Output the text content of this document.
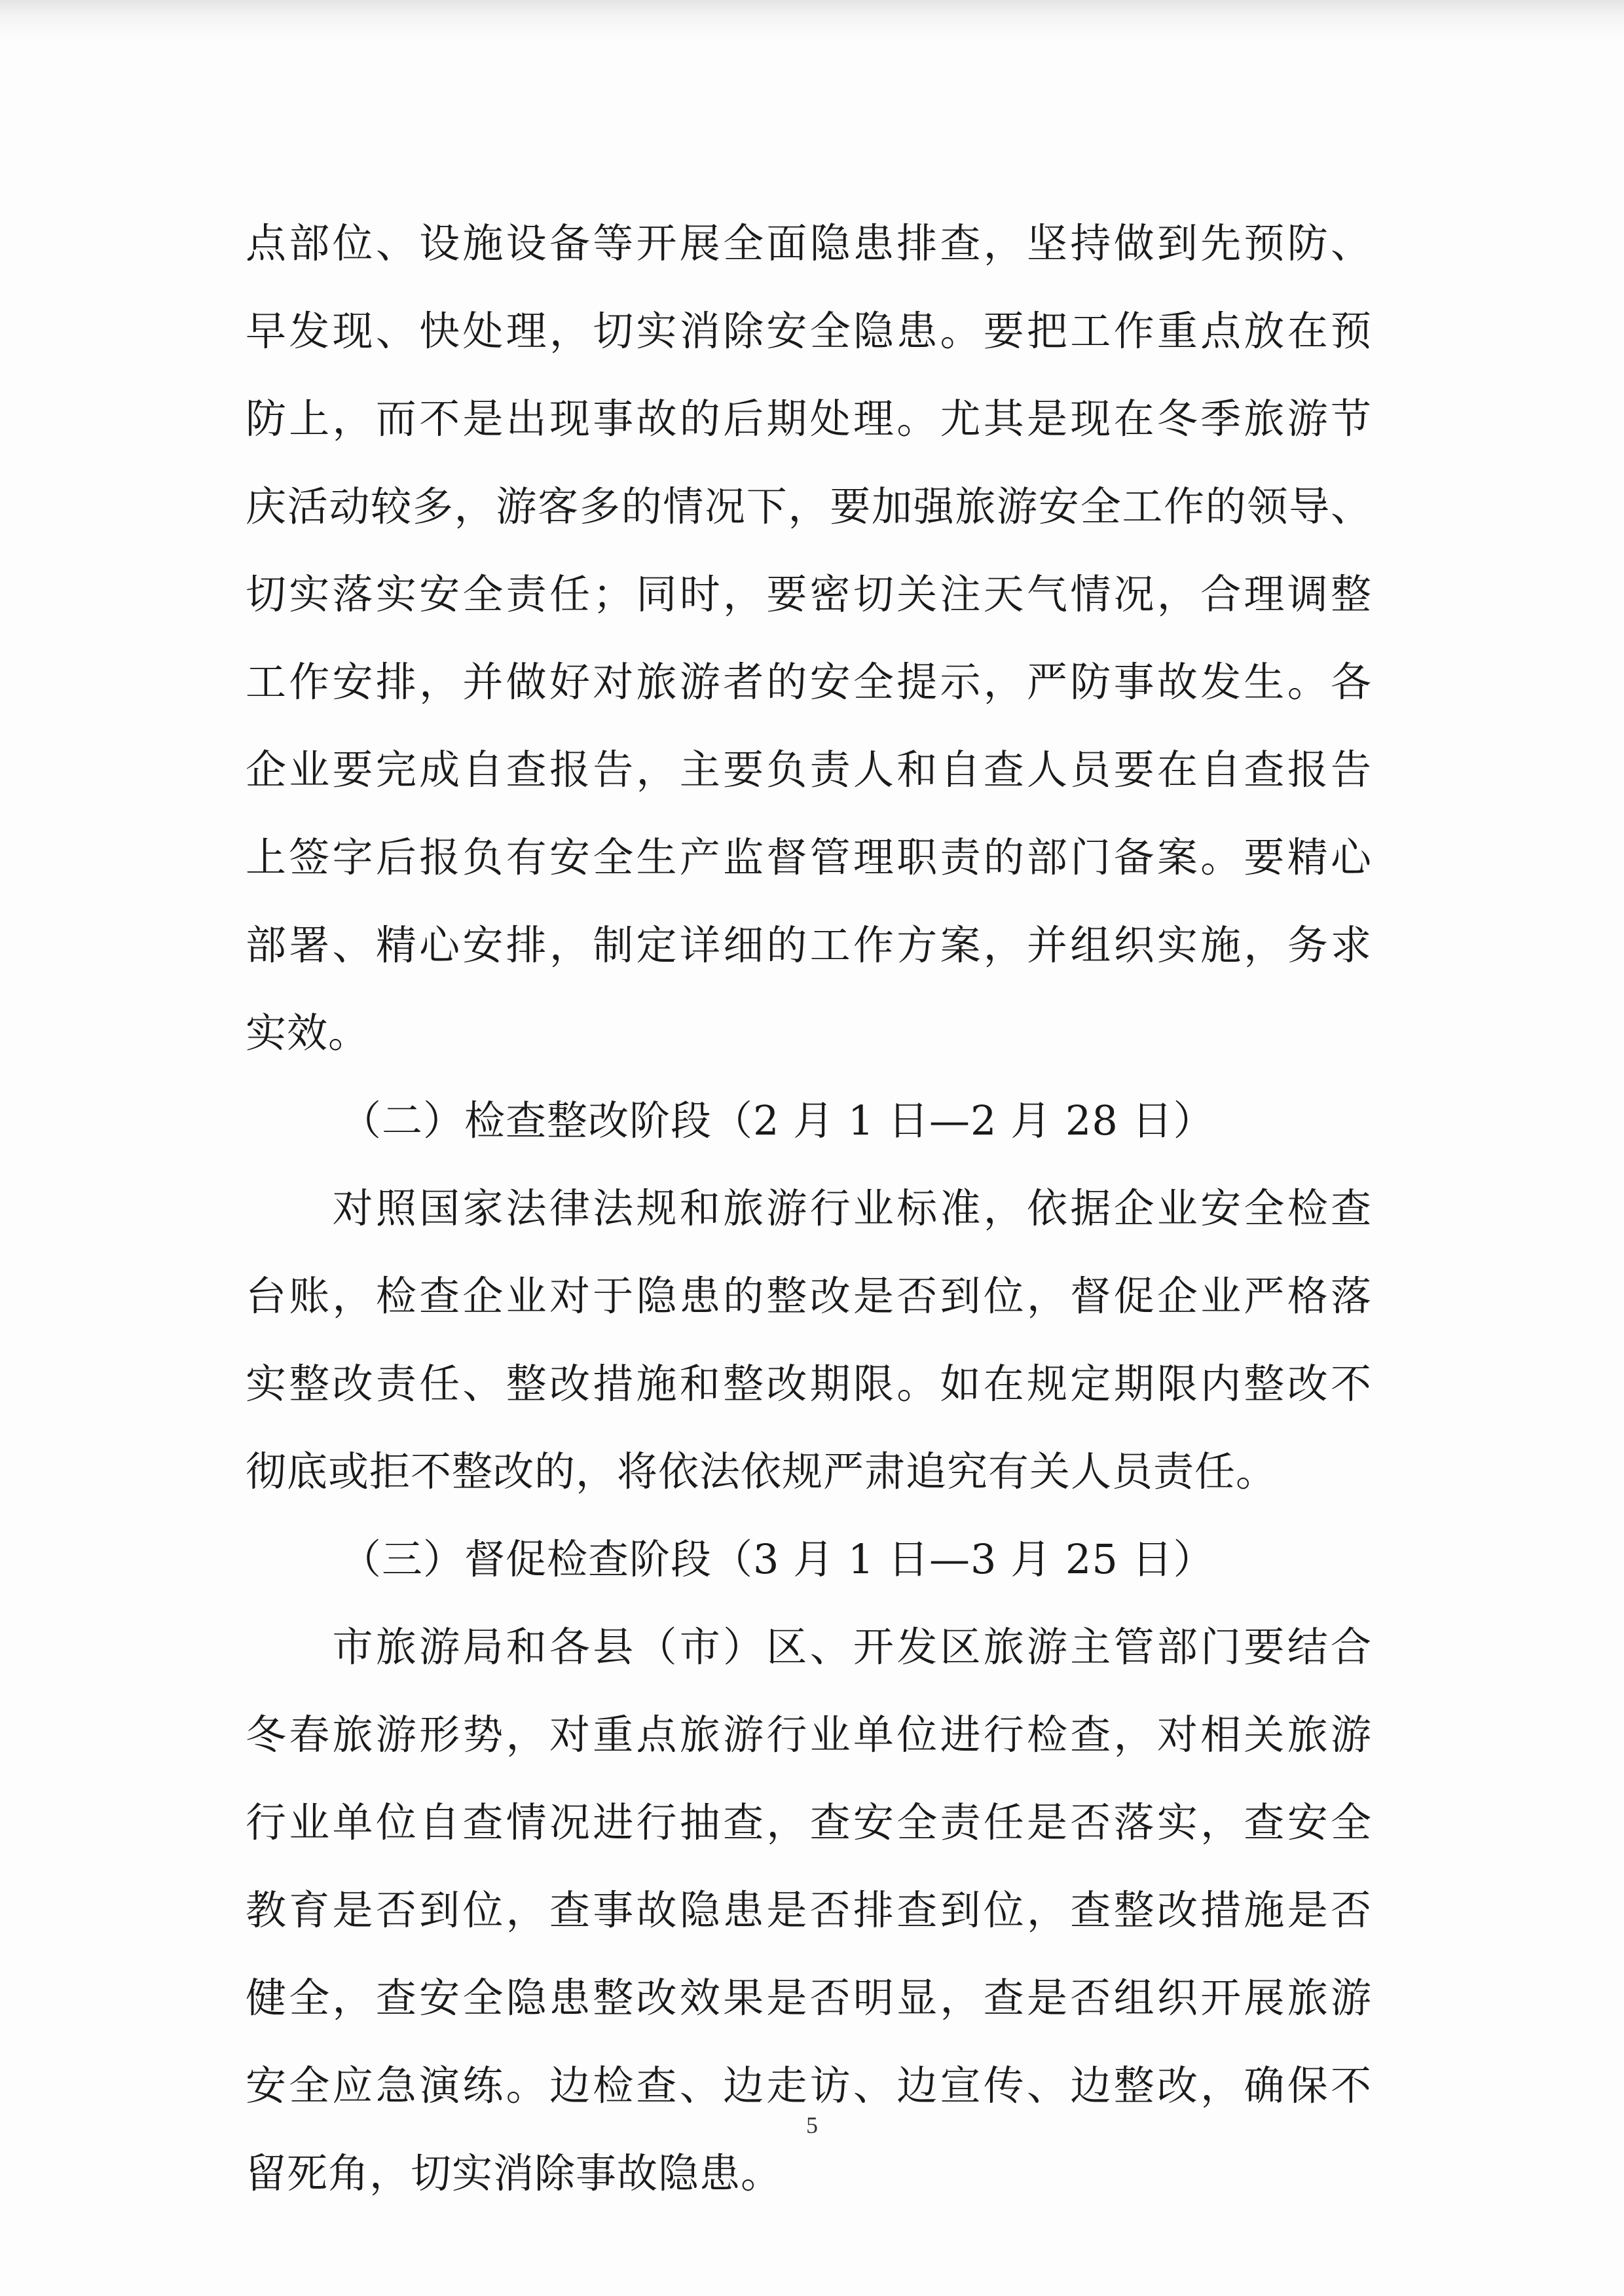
点部位、设施设备等开展全面隐患排查，坚持做到先预防、
早发现、快处理，切实消除安全隐患。要把工作重点放在预
防上，而不是出现事故的后期处理。尤其是现在冬季旅游节
庆活动较多，游客多的情况下，要加强旅游安全工作的领导、
切实落实安全责任；同时，要密切关注天气情况，合理调整
工作安排，并做好对旅游者的安全提示，严防事故发生。各
企业要完成自查报告，主要负责人和自查人员要在自查报告
上签字后报负有安全生产监督管理职责的部门备案。要精心
部署、精心安排，制定详细的工作方案，并组织实施，务求
实效。
（二）检查整改阶段（2 月 1 日—2 月 28 日）
　　对照国家法律法规和旅游行业标准，依据企业安全检查
台账，检查企业对于隐患的整改是否到位，督促企业严格落
实整改责任、整改措施和整改期限。如在规定期限内整改不
彻底或拒不整改的，将依法依规严肃追究有关人员责任。
（三）督促检查阶段（3 月 1 日—3 月 25 日）
　　市旅游局和各县（市）区、开发区旅游主管部门要结合
冬春旅游形势，对重点旅游行业单位进行检查，对相关旅游
行业单位自查情况进行抽查，查安全责任是否落实，查安全
教育是否到位，查事故隐患是否排查到位，查整改措施是否
健全，查安全隐患整改效果是否明显，查是否组织开展旅游
安全应急演练。边检查、边走访、边宣传、边整改，确保不
留死角，切实消除事故隐患。
5
